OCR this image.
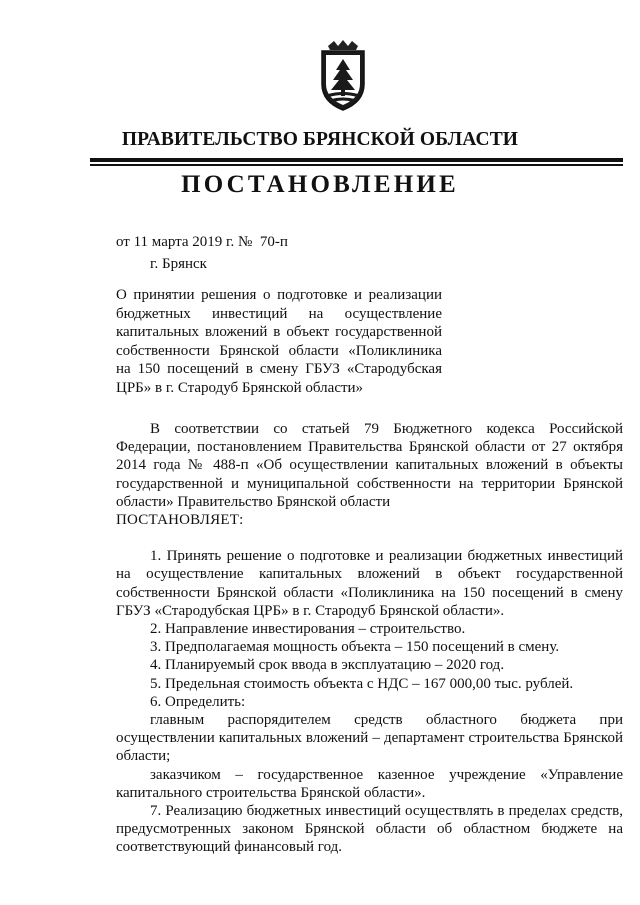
ПРАВИТЕЛЬСТВО БРЯНСКОЙ ОБЛАСТИ
ПОСТАНОВЛЕНИЕ
от 11 марта 2019 г. № 70-п
г. Брянск

О принятии решения о подготовке и реализации бюджетных инвестиций на осуществление капитальных вложений в объект государственной собственности Брянской области «Поликлиника на 150 посещений в смену ГБУЗ «Стародубская ЦРБ» в г. Стародуб Брянской области»

В соответствии со статьей 79 Бюджетного кодекса Российской Федерации, постановлением Правительства Брянской области от 27 октября 2014 года № 488-п «Об осуществлении капитальных вложений в объекты государственной и муниципальной собственности на территории Брянской области» Правительство Брянской области

ПОСТАНОВЛЯЕТ:

1. Принять решение о подготовке и реализации бюджетных инвестиций на осуществление капитальных вложений в объект государственной собственности Брянской области «Поликлиника на 150 посещений в смену ГБУЗ «Стародубская ЦРБ» в г. Стародуб Брянской области».

2. Направление инвестирования – строительство.

3. Предполагаемая мощность объекта – 150 посещений в смену.

4. Планируемый срок ввода в эксплуатацию – 2020 год.

5. Предельная стоимость объекта с НДС – 167 000,00 тыс. рублей.

6. Определить:

главным распорядителем средств областного бюджета при осуществлении капитальных вложений – департамент строительства Брянской области;

заказчиком – государственное казенное учреждение «Управление капитального строительства Брянской области».

7. Реализацию бюджетных инвестиций осуществлять в пределах средств, предусмотренных законом Брянской области об областном бюджете на соответствующий финансовый год.
